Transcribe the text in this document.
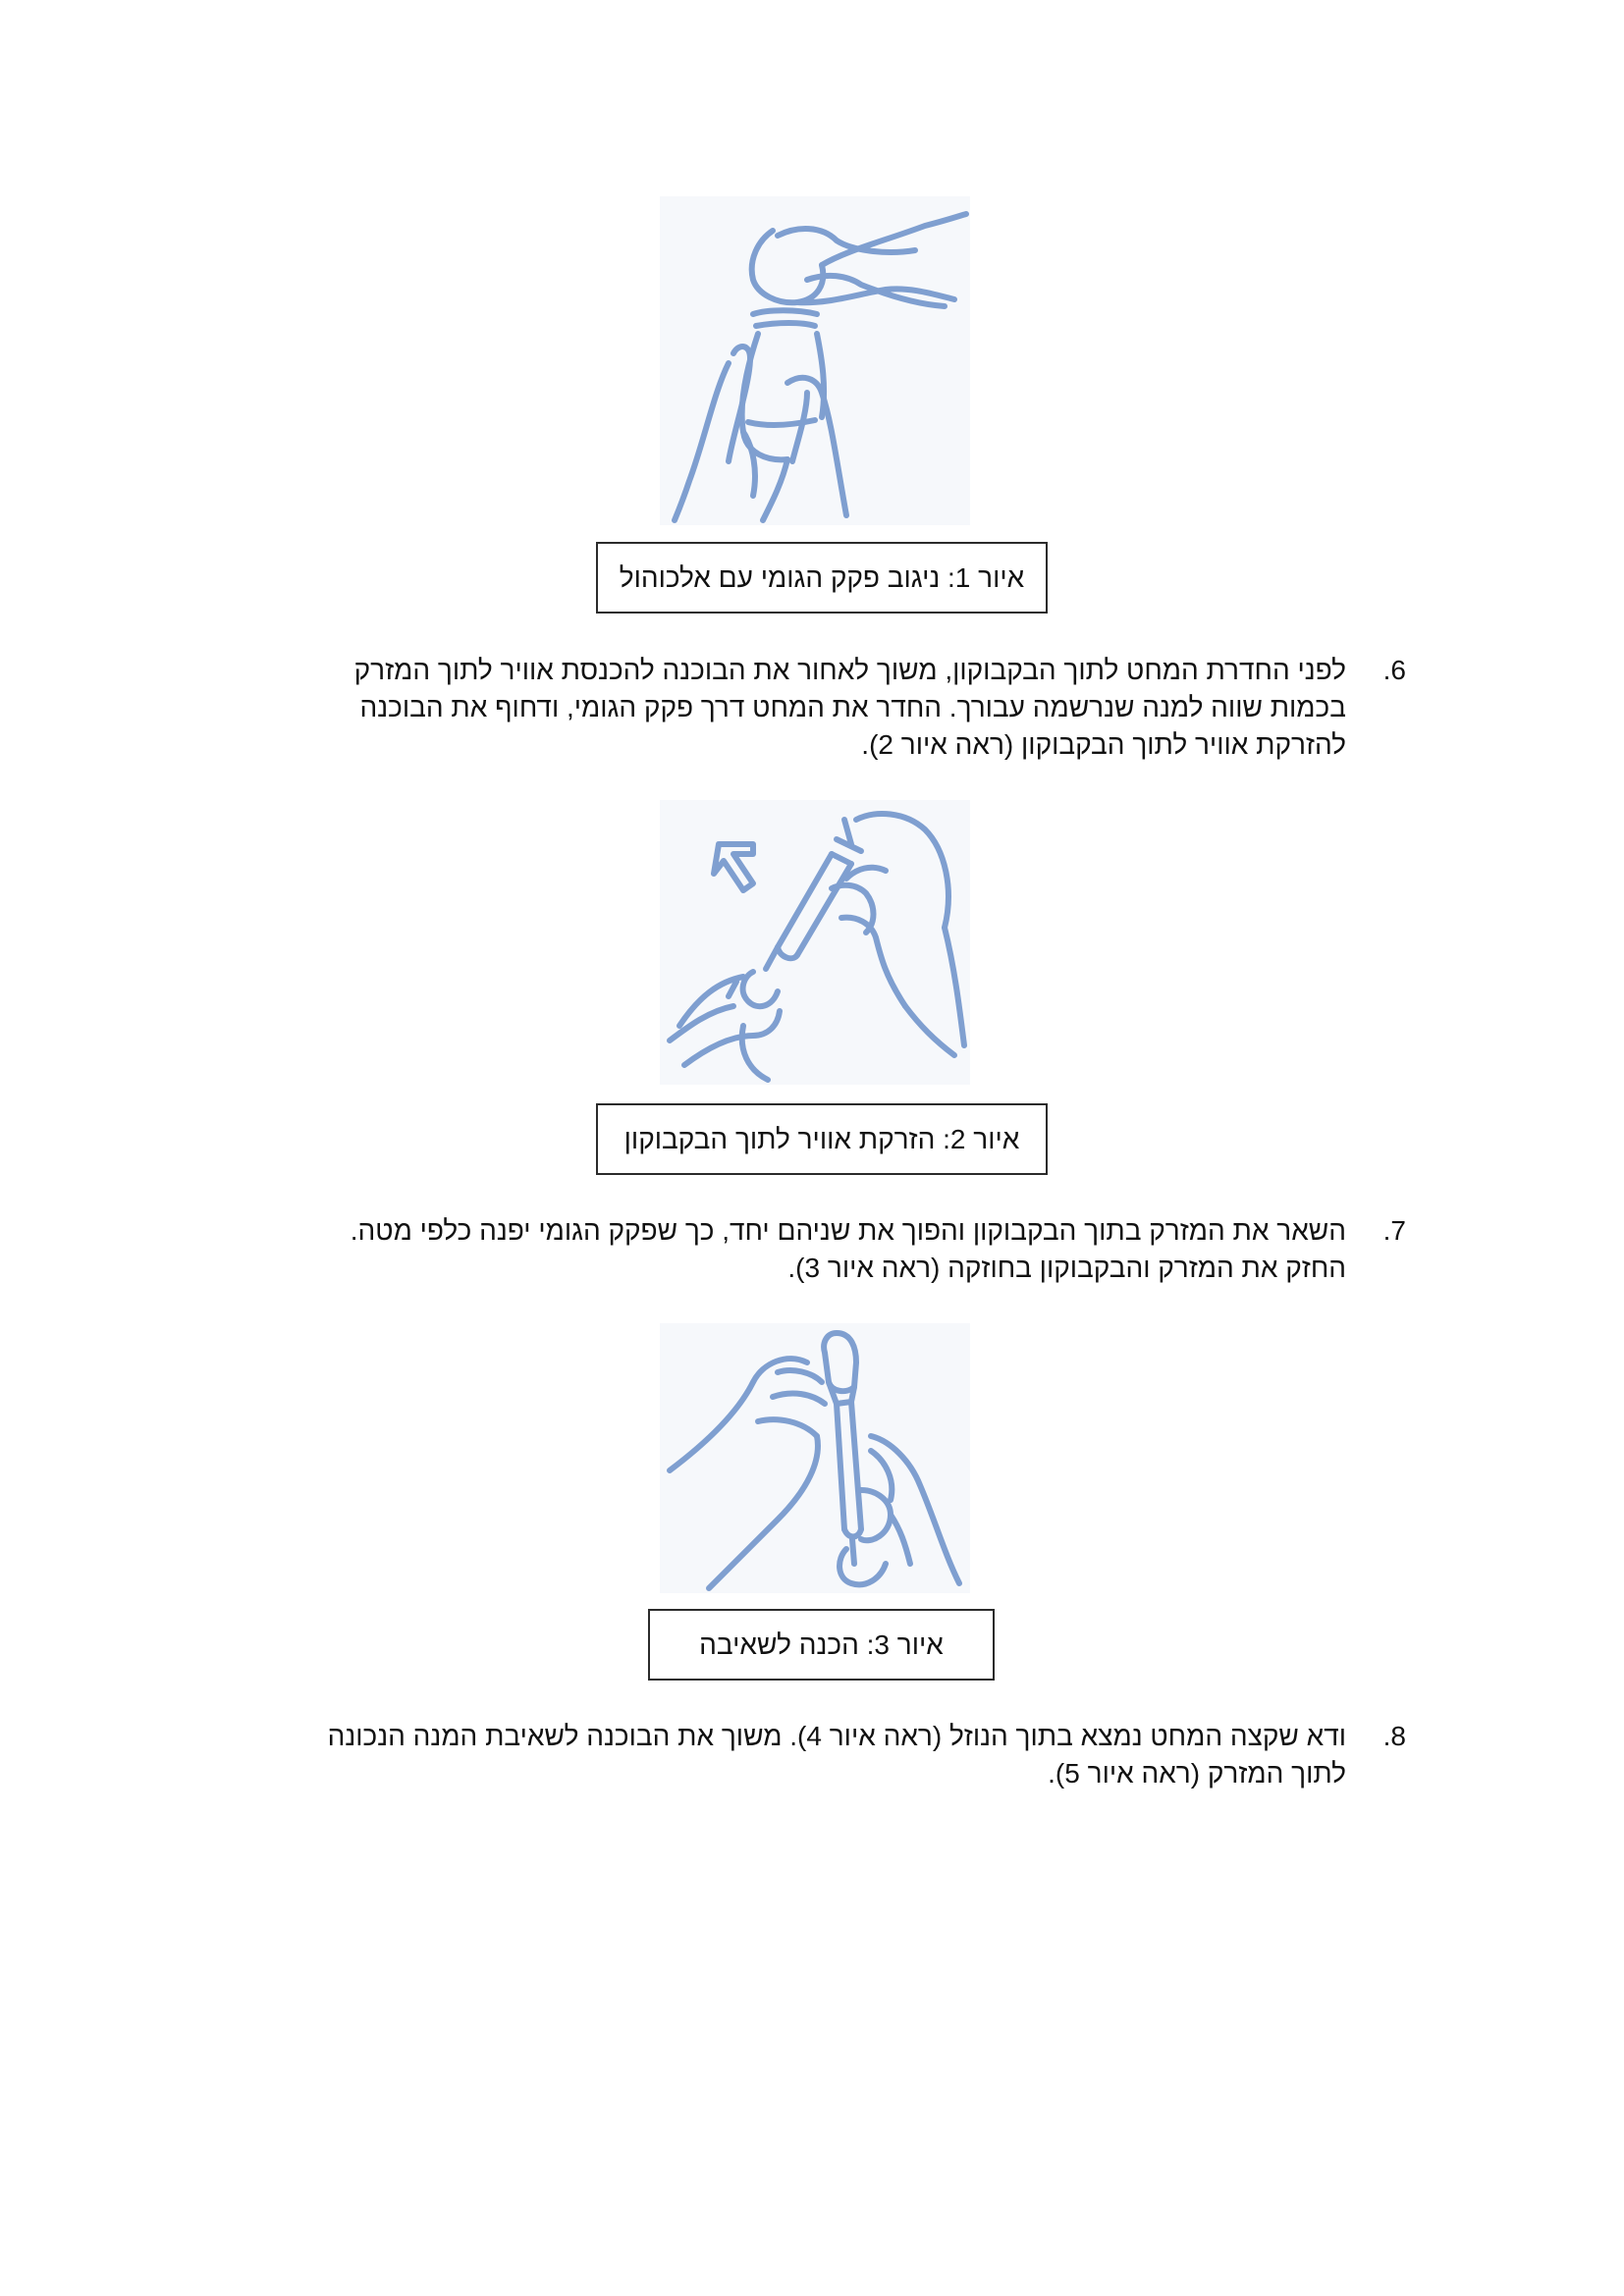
איור 1: ניגוב פקק הגומי עם אלכוהול
.6
לפני החדרת המחט לתוך הבקבוקון, משוך לאחור את הבוכנה להכנסת אוויר לתוך המזרק
בכמות שווה למנה שנרשמה עבורך. החדר את המחט דרך פקק הגומי, ודחוף את הבוכנה
להזרקת אוויר לתוך הבקבוקון (ראה איור 2).
איור 2: הזרקת אוויר לתוך הבקבוקון
.7
השאר את המזרק בתוך הבקבוקון והפוך את שניהם יחד, כך שפקק הגומי יפנה כלפי מטה.
החזק את המזרק והבקבוקון בחוזקה (ראה איור 3).
איור 3: הכנה לשאיבה
.8
ודא שקצה המחט נמצא בתוך הנוזל (ראה איור 4). משוך את הבוכנה לשאיבת המנה הנכונה
לתוך המזרק (ראה איור 5).
